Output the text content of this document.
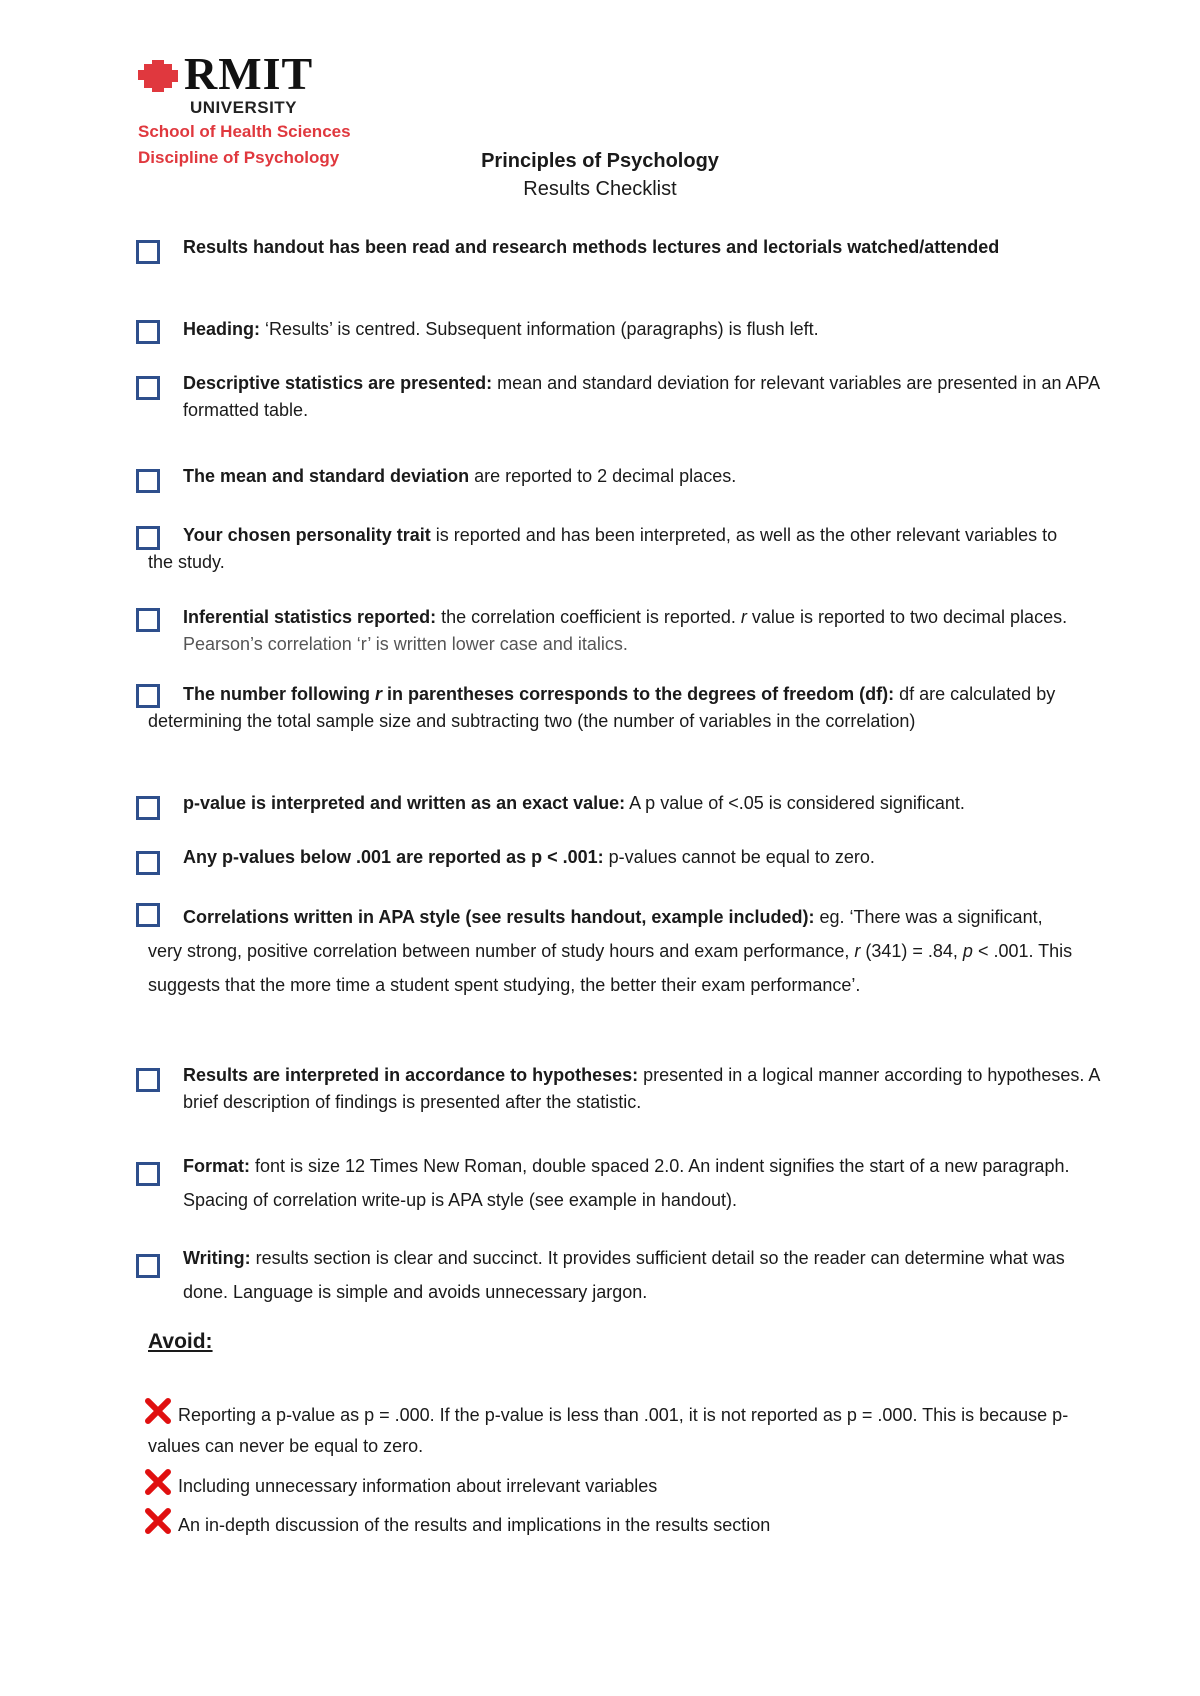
RMIT
UNIVERSITY
School of Health Sciences
Discipline of Psychology	Principles of Psychology
Results Checklist

Results handout has been read and research methods lectures and lectorials watched/attended

Heading: ‘Results’ is centred. Subsequent information (paragraphs) is flush left.

Descriptive statistics are presented: mean and standard deviation for relevant variables are presented in an APA formatted table.

The mean and standard deviation are reported to 2 decimal places.

Your chosen personality trait is reported and has been interpreted, as well as the other relevant variables to the study.

Inferential statistics reported: the correlation coefficient is reported. r value is reported to two decimal places. Pearson’s correlation ‘r’ is written lower case and italics.

The number following r in parentheses corresponds to the degrees of freedom (df): df are calculated by determining the total sample size and subtracting two (the number of variables in the correlation)

p-value is interpreted and written as an exact value: A p value of <.05 is considered significant.

Any p-values below .001 are reported as p < .001: p-values cannot be equal to zero.

Correlations written in APA style (see results handout, example included): eg. ‘There was a significant, very strong, positive correlation between number of study hours and exam performance, r (341) = .84, p < .001. This suggests that the more time a student spent studying, the better their exam performance’.

Results are interpreted in accordance to hypotheses: presented in a logical manner according to hypotheses. A brief description of findings is presented after the statistic.

Format: font is size 12 Times New Roman, double spaced 2.0. An indent signifies the start of a new paragraph. Spacing of correlation write-up is APA style (see example in handout).

Writing: results section is clear and succinct. It provides sufficient detail so the reader can determine what was done. Language is simple and avoids unnecessary jargon.

Avoid:

Reporting a p-value as p = .000. If the p-value is less than .001, it is not reported as p = .000. This is because p-values can never be equal to zero.

Including unnecessary information about irrelevant variables

An in-depth discussion of the results and implications in the results section
